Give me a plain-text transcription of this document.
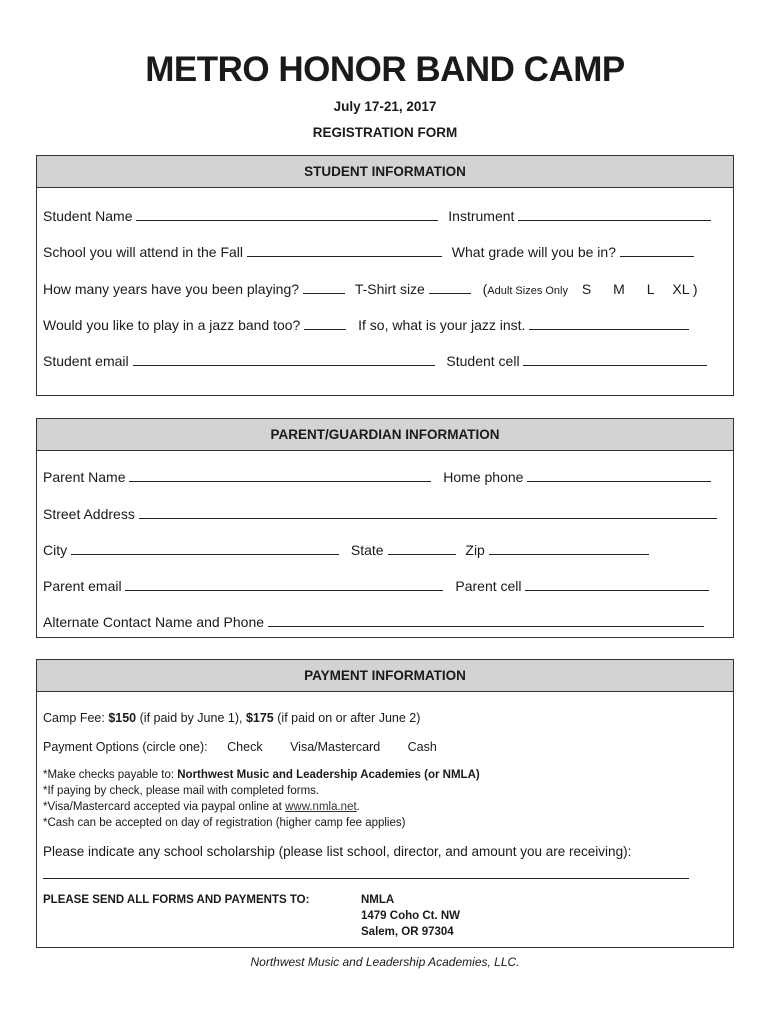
METRO HONOR BAND CAMP
July 17-21, 2017
REGISTRATION FORM
STUDENT INFORMATION
Student Name	Instrument
School you will attend in the Fall	What grade will you be in?
How many years have you been playing?	T-Shirt size	(Adult Sizes Only S M L XL )
Would you like to play in a jazz band too?	If so, what is your jazz inst.
Student email	Student cell
PARENT/GUARDIAN INFORMATION
Parent Name	Home phone
Street Address
City	State	Zip
Parent email	Parent cell
Alternate Contact Name and Phone
PAYMENT INFORMATION
Camp Fee: $150 (if paid by June 1), $175 (if paid on or after June 2)
Payment Options (circle one): Check Visa/Mastercard Cash
*Make checks payable to: Northwest Music and Leadership Academies (or NMLA)
*If paying by check, please mail with completed forms.
*Visa/Mastercard accepted via paypal online at www.nmla.net.
*Cash can be accepted on day of registration (higher camp fee applies)
Please indicate any school scholarship (please list school, director, and amount you are receiving):
PLEASE SEND ALL FORMS AND PAYMENTS TO:	NMLA
1479 Coho Ct. NW
Salem, OR 97304
Northwest Music and Leadership Academies, LLC.
